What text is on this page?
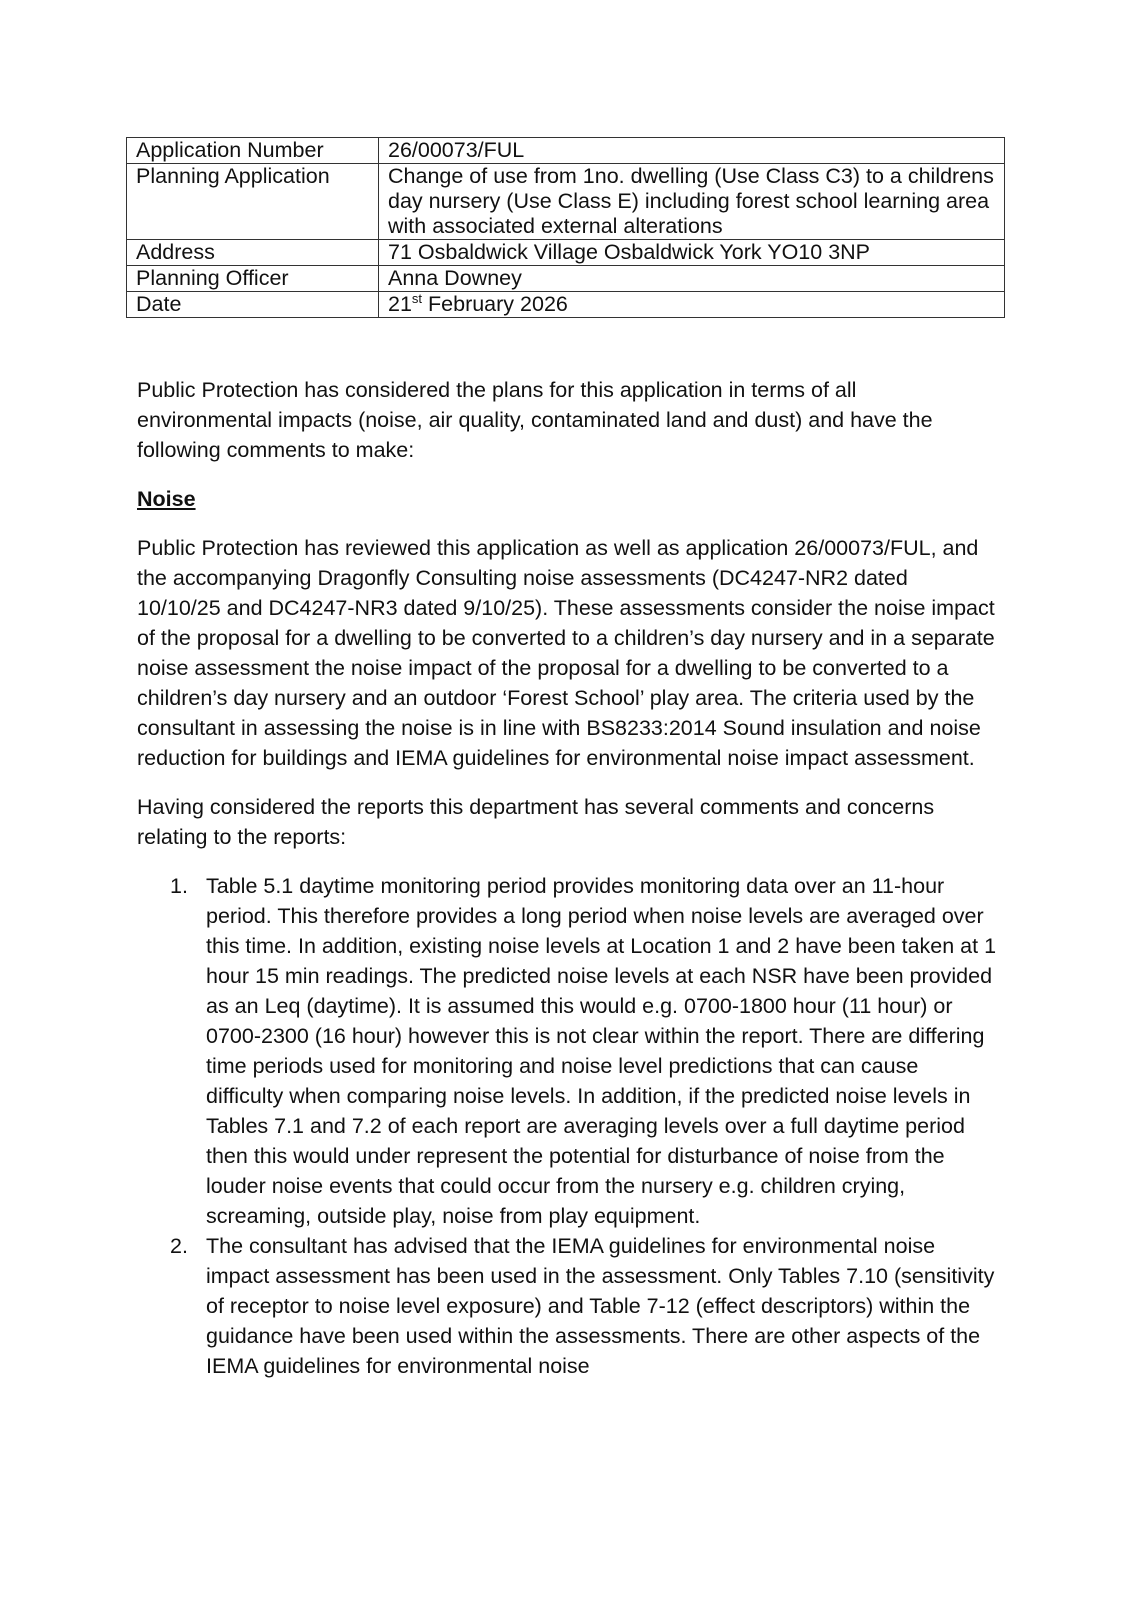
Application Number	26/00073/FUL
Planning Application	Change of use from 1no. dwelling (Use Class C3) to a childrens day nursery (Use Class E) including forest school learning area with associated external alterations
Address	71 Osbaldwick Village Osbaldwick York YO10 3NP
Planning Officer	Anna Downey
Date	21st February 2026

Public Protection has considered the plans for this application in terms of all environmental impacts (noise, air quality, contaminated land and dust) and have the following comments to make:

Noise

Public Protection has reviewed this application as well as application 26/00073/FUL, and the accompanying Dragonfly Consulting noise assessments (DC4247-NR2 dated 10/10/25 and DC4247-NR3 dated 9/10/25). These assessments consider the noise impact of the proposal for a dwelling to be converted to a children’s day nursery and in a separate noise assessment the noise impact of the proposal for a dwelling to be converted to a children’s day nursery and an outdoor ‘Forest School’ play area. The criteria used by the consultant in assessing the noise is in line with BS8233:2014 Sound insulation and noise reduction for buildings and IEMA guidelines for environmental noise impact assessment.

Having considered the reports this department has several comments and concerns relating to the reports:

1. Table 5.1 daytime monitoring period provides monitoring data over an 11-hour period. This therefore provides a long period when noise levels are averaged over this time. In addition, existing noise levels at Location 1 and 2 have been taken at 1 hour 15 min readings. The predicted noise levels at each NSR have been provided as an Leq (daytime). It is assumed this would e.g. 0700-1800 hour (11 hour) or 0700-2300 (16 hour) however this is not clear within the report. There are differing time periods used for monitoring and noise level predictions that can cause difficulty when comparing noise levels. In addition, if the predicted noise levels in Tables 7.1 and 7.2 of each report are averaging levels over a full daytime period then this would under represent the potential for disturbance of noise from the louder noise events that could occur from the nursery e.g. children crying, screaming, outside play, noise from play equipment.
2. The consultant has advised that the IEMA guidelines for environmental noise impact assessment has been used in the assessment. Only Tables 7.10 (sensitivity of receptor to noise level exposure) and Table 7-12 (effect descriptors) within the guidance have been used within the assessments. There are other aspects of the IEMA guidelines for environmental noise
